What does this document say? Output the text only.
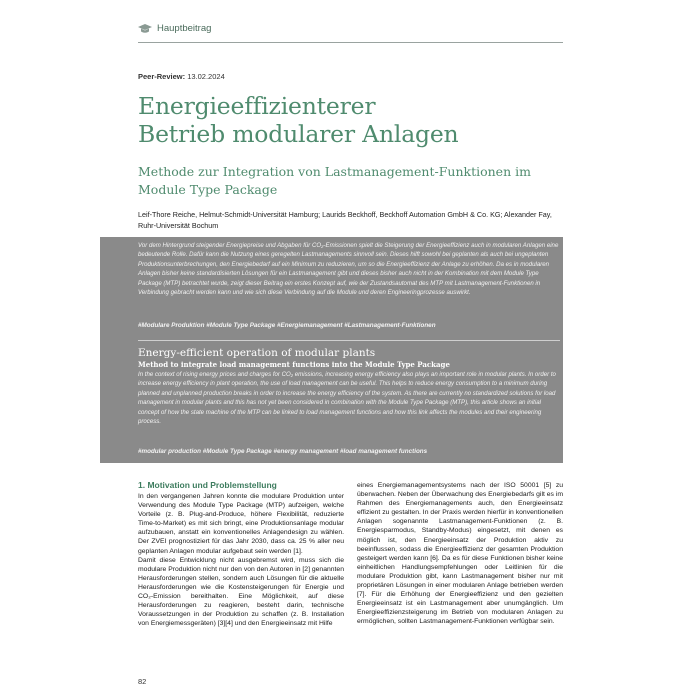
Hauptbeitrag
Peer-Review: 13.02.2024
Energieeffizienterer
Betrieb modularer Anlagen
Methode zur Integration von Lastmanagement-Funktionen im Module Type Package
Leif-Thore Reiche, Helmut-Schmidt-Universität Hamburg; Laurids Beckhoff, Beckhoff Automation GmbH & Co. KG; Alexander Fay, Ruhr-Universität Bochum
Vor dem Hintergrund steigender Energiepreise und Abgaben für CO₂-Emissionen spielt die Steigerung der Energieeffizienz auch in modularen Anlagen eine bedeutende Rolle. Dafür kann die Nutzung eines geregelten Lastmanagements sinnvoll sein. Dieses hilft sowohl bei geplanten als auch bei ungeplanten Produktionsunterbrechungen, den Energiebedarf auf ein Minimum zu reduzieren, um so die Energieeffizienz der Anlage zu erhöhen. Da es in modularen Anlagen bisher keine standardisierten Lösungen für ein Lastmanagement gibt und dieses bisher auch nicht in der Kombination mit dem Module Type Package (MTP) betrachtet wurde, zeigt dieser Beitrag ein erstes Konzept auf, wie der Zustandsautomat des MTP mit Lastmanagement-Funktionen in Verbindung gebracht werden kann und wie sich diese Verbindung auf die Module und deren Engineeringprozesse auswirkt.
#Modulare Produktion #Module Type Package #Energiemanagement #Lastmanagement-Funktionen
Energy-efficient operation of modular plants
Method to integrate load management functions into the Module Type Package
In the context of rising energy prices and charges for CO₂ emissions, increasing energy efficiency also plays an important role in modular plants. In order to increase energy efficiency in plant operation, the use of load management can be useful. This helps to reduce energy consumption to a minimum during planned and unplanned production breaks in order to increase the energy efficiency of the system. As there are currently no standardized solutions for load management in modular plants and this has not yet been considered in combination with the Module Type Package (MTP), this article shows an initial concept of how the state machine of the MTP can be linked to load management functions and how this link affects the modules and their engineering process.
#modular production #Module Type Package #energy management #load management functions
1. Motivation und Problemstellung

In den vergangenen Jahren konnte die modulare Produktion unter Verwendung des Module Type Package (MTP) aufzeigen, welche Vorteile (z. B. Plug-and-Produce, höhere Flexibilität, reduzierte Time-to-Market) es mit sich bringt, eine Produktionsanlage modular aufzubauen, anstatt ein konventionelles Anlagendesign zu wählen. Der ZVEI prognostiziert für das Jahr 2030, dass ca. 25 % aller neu geplanten Anlagen modular aufgebaut sein werden [1].

Damit diese Entwicklung nicht ausgebremst wird, muss sich die modulare Produktion nicht nur den von den Autoren in [2] genannten Herausforderungen stellen, sondern auch Lösungen für die aktuelle Herausforderungen wie die Kostensteigerungen für Energie und CO₂-Emission bereithalten. Eine Möglichkeit, auf diese Herausforderungen zu reagieren, besteht darin, technische Voraussetzungen in der Produktion zu schaffen (z. B. Installation von Energiemessgeräten) [3][4] und den Energieeinsatz mit Hilfe

eines Energiemanagementsystems nach der ISO 50001 [5] zu überwachen. Neben der Überwachung des Energiebedarfs gilt es im Rahmen des Energiemanagements auch, den Energieeinsatz effizient zu gestalten. In der Praxis werden hierfür in konventionellen Anlagen sogenannte Lastmanagement-Funktionen (z. B. Energiesparmodus, Standby-Modus) eingesetzt, mit denen es möglich ist, den Energieeinsatz der Produktion aktiv zu beeinflussen, sodass die Energieeffizienz der gesamten Produktion gesteigert werden kann [6]. Da es für diese Funktionen bisher keine einheitlichen Handlungsempfehlungen oder Leitlinien für die modulare Produktion gibt, kann Lastmanagement bisher nur mit proprietären Lösungen in einer modularen Anlage betrieben werden [7]. Für die Erhöhung der Energieeffizienz und den gezielten Energieeinsatz ist ein Lastmanagement aber unumgänglich. Um Energieeffizienzsteigerung im Betrieb von modularen Anlagen zu ermöglichen, sollten Lastmanagement-Funktionen verfügbar sein.

82
